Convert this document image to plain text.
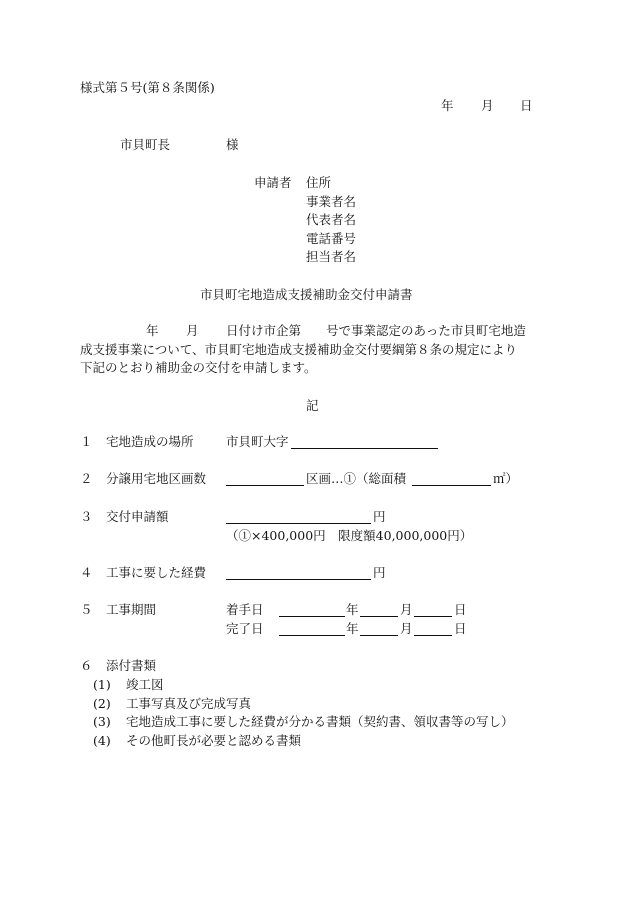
様式第５号(第８条関係)
年 月 日
市貝町長	様
申請者 住所
事業者名
代表者名
電話番号
担当者名
市貝町宅地造成支援補助金交付申請書
年 月 日付け市企第　　号で事業認定のあった市貝町宅地造
成支援事業について、市貝町宅地造成支援補助金交付要綱第８条の規定により
下記のとおり補助金の交付を申請します。
記
１ 宅地造成の場所	市貝町大字
２ 分譲用宅地区画数	区画…①（総面積	㎡）
３ 交付申請額	円
（①×400,000円　限度額40,000,000円）
４ 工事に要した経費	円
５ 工事期間	着手日	年	月	日
完了日	年	月	日
６ 添付書類
(1) 竣工図
(2) 工事写真及び完成写真
(3) 宅地造成工事に要した経費が分かる書類（契約書、領収書等の写し）
(4) その他町長が必要と認める書類
